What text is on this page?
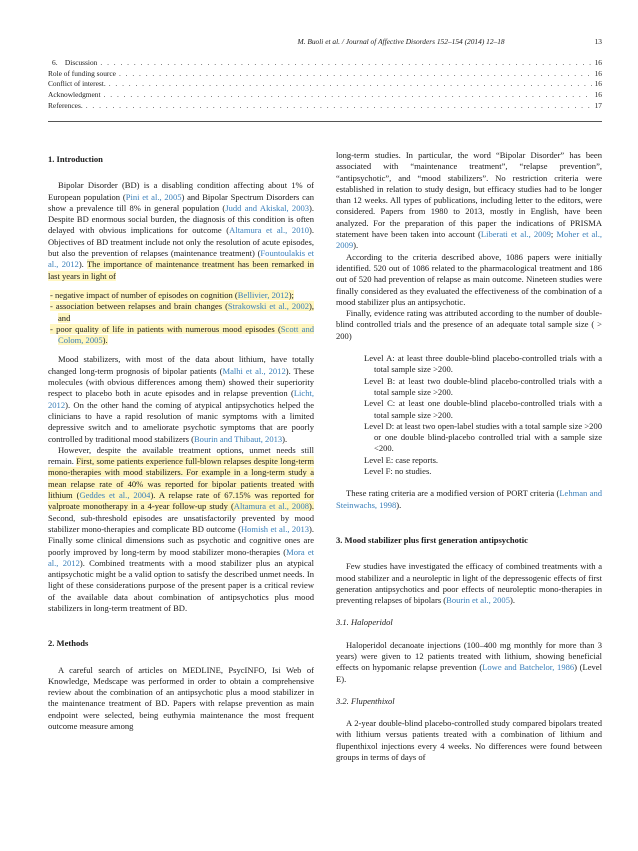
M. Buoli et al. / Journal of Affective Disorders 152–154 (2014) 12–18	13
6. Discussion . . .	16
Role of funding source . . .	16
Conflict of interest. . . .	16
Acknowledgment . . .	16
References. . . .	17
1. Introduction

Bipolar Disorder (BD) is a disabling condition affecting about 1% of European population (Pini et al., 2005) and Bipolar Spectrum Disorders can show a prevalence till 8% in general population (Judd and Akiskal, 2003). Despite BD enormous social burden, the diagnosis of this condition is often delayed with obvious implications for outcome (Altamura et al., 2010). Objectives of BD treatment include not only the resolution of acute episodes, but also the prevention of relapses (maintenance treatment) (Fountoulakis et al., 2012). The importance of maintenance treatment has been remarked in last years in light of

- negative impact of number of episodes on cognition (Bellivier, 2012);
- association between relapses and brain changes (Strakowski et al., 2002), and
- poor quality of life in patients with numerous mood episodes (Scott and Colom, 2005).

Mood stabilizers, with most of the data about lithium, have totally changed long-term prognosis of bipolar patients (Malhi et al., 2012). These molecules (with obvious differences among them) showed their superiority respect to placebo both in acute episodes and in relapse prevention (Licht, 2012). On the other hand the coming of atypical antipsychotics helped the clinicians to have a rapid resolution of manic symptoms with a limited depressive switch and to ameliorate psychotic symptoms that are poorly controlled by traditional mood stabilizers (Bourin and Thibaut, 2013).

However, despite the available treatment options, unmet needs still remain. First, some patients experience full-blown relapses despite long-term mono-therapies with mood stabilizers. For example in a long-term study a mean relapse rate of 40% was reported for bipolar patients treated with lithium (Geddes et al., 2004). A relapse rate of 67.15% was reported for valproate monotherapy in a 4-year follow-up study (Altamura et al., 2008). Second, sub-threshold episodes are unsatisfactorily prevented by mood stabilizer mono-therapies and complicate BD outcome (Homish et al., 2013). Finally some clinical dimensions such as psychotic and cognitive ones are poorly improved by long-term by mood stabilizer mono-therapies (Mora et al., 2012). Combined treatments with a mood stabilizer plus an atypical antipsychotic might be a valid option to satisfy the described unmet needs. In light of these considerations purpose of the present paper is a critical review of the available data about combination of antipsychotics plus mood stabilizers in long-term treatment of BD.

2. Methods

A careful search of articles on MEDLINE, PsycINFO, Isi Web of Knowledge, Medscape was performed in order to obtain a comprehensive review about the combination of an antipsychotic plus a mood stabilizer in the maintenance treatment of BD. Papers with relapse prevention as main endpoint were selected, being euthymia maintenance the most frequent outcome measure among

long-term studies. In particular, the word “Bipolar Disorder” has been associated with “maintenance treatment”, “relapse prevention”, “antipsychotic”, and “mood stabilizers”. No restriction criteria were established in relation to study design, but efficacy studies had to be longer than 12 weeks. All types of publications, including letter to the editors, were considered. Papers from 1980 to 2013, mostly in English, have been analyzed. For the preparation of this paper the indications of PRISMA statement have been taken into account (Liberati et al., 2009; Moher et al., 2009).

According to the criteria described above, 1086 papers were initially identified. 520 out of 1086 related to the pharmacological treatment and 186 out of 520 had prevention of relapse as main outcome. Nineteen studies were finally considered as they evaluated the effectiveness of the combination of a mood stabilizer plus an antipsychotic.

Finally, evidence rating was attributed according to the number of double-blind controlled trials and the presence of an adequate total sample size ( > 200)

Level A: at least three double-blind placebo-controlled trials with a total sample size >200.

Level B: at least two double-blind placebo-controlled trials with a total sample size >200.

Level C: at least one double-blind placebo-controlled trials with a total sample size >200.

Level D: at least two open-label studies with a total sample size >200 or one double blind-placebo controlled trial with a sample size <200.

Level E: case reports.

Level F: no studies.

These rating criteria are a modified version of PORT criteria (Lehman and Steinwachs, 1998).

3. Mood stabilizer plus first generation antipsychotic

Few studies have investigated the efficacy of combined treatments with a mood stabilizer and a neuroleptic in light of the depressogenic effects of first generation antipsychotics and poor effects of neuroleptic mono-therapies in preventing relapses of bipolars (Bourin et al., 2005).

3.1. Haloperidol

Haloperidol decanoate injections (100–400 mg monthly for more than 3 years) were given to 12 patients treated with lithium, showing beneficial effects on hypomanic relapse prevention (Lowe and Batchelor, 1986) (Level E).

3.2. Flupenthixol

A 2-year double-blind placebo-controlled study compared bipolars treated with lithium versus patients treated with a combination of lithium and flupenthixol injections every 4 weeks. No differences were found between groups in terms of days of
